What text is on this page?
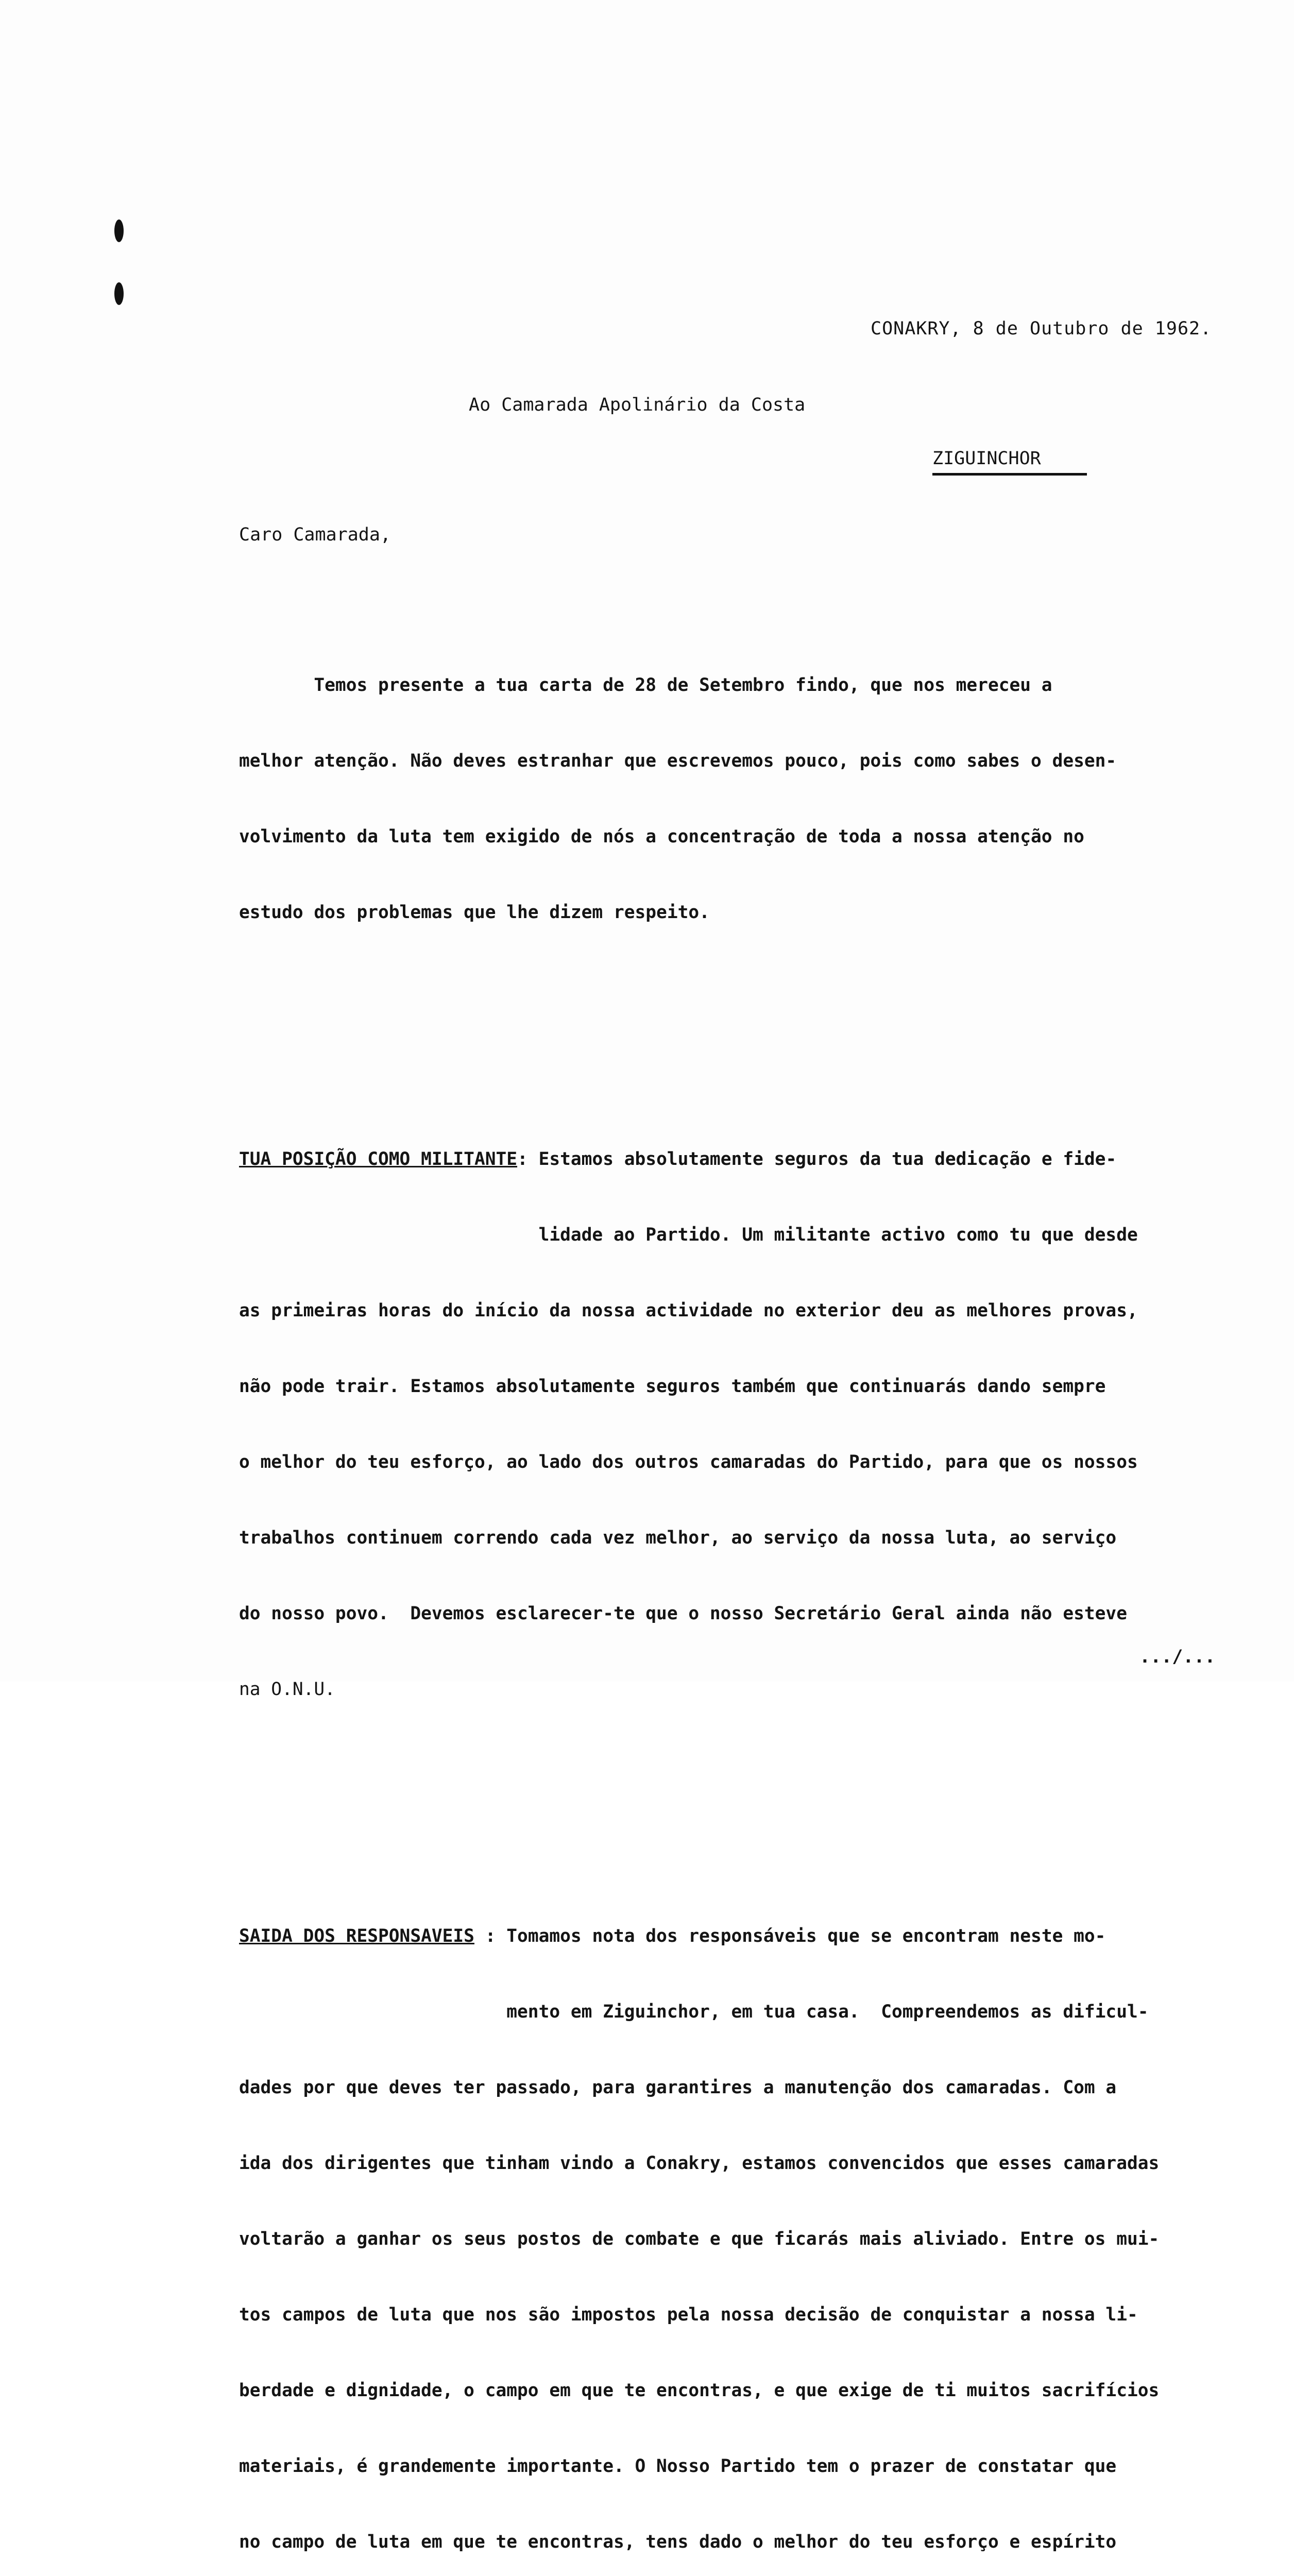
CONAKRY, 8 de Outubro de 1962.
Ao Camarada Apolinário da Costa
ZIGUINCHOR
Caro Camarada,

Temos presente a tua carta de 28 de Setembro findo, que nos mereceu a

melhor atenção. Não deves estranhar que escrevemos pouco, pois como sabes o desen-

volvimento da luta tem exigido de nós a concentração de toda a nossa atenção no

estudo dos problemas que lhe dizem respeito.

TUA POSIÇÃO COMO MILITANTE: Estamos absolutamente seguros da tua dedicação e fide-

lidade ao Partido. Um militante activo como tu que desde

as primeiras horas do início da nossa actividade no exterior deu as melhores provas,

não pode trair. Estamos absolutamente seguros também que continuarás dando sempre

o melhor do teu esforço, ao lado dos outros camaradas do Partido, para que os nossos

trabalhos continuem correndo cada vez melhor, ao serviço da nossa luta, ao serviço

do nosso povo.  Devemos esclarecer-te que o nosso Secretário Geral ainda não esteve

na O.N.U.

SAIDA DOS RESPONSAVEIS : Tomamos nota dos responsáveis que se encontram neste mo-

mento em Ziguinchor, em tua casa.  Compreendemos as dificul-

dades por que deves ter passado, para garantires a manutenção dos camaradas. Com a

ida dos dirigentes que tinham vindo a Conakry, estamos convencidos que esses camaradas

voltarão a ganhar os seus postos de combate e que ficarás mais aliviado. Entre os mui-

tos campos de luta que nos são impostos pela nossa decisão de conquistar a nossa li-

berdade e dignidade, o campo em que te encontras, e que exige de ti muitos sacrifícios

materiais, é grandemente importante. O Nosso Partido tem o prazer de constatar que

no campo de luta em que te encontras, tens dado o melhor do teu esforço e espírito

.../...
